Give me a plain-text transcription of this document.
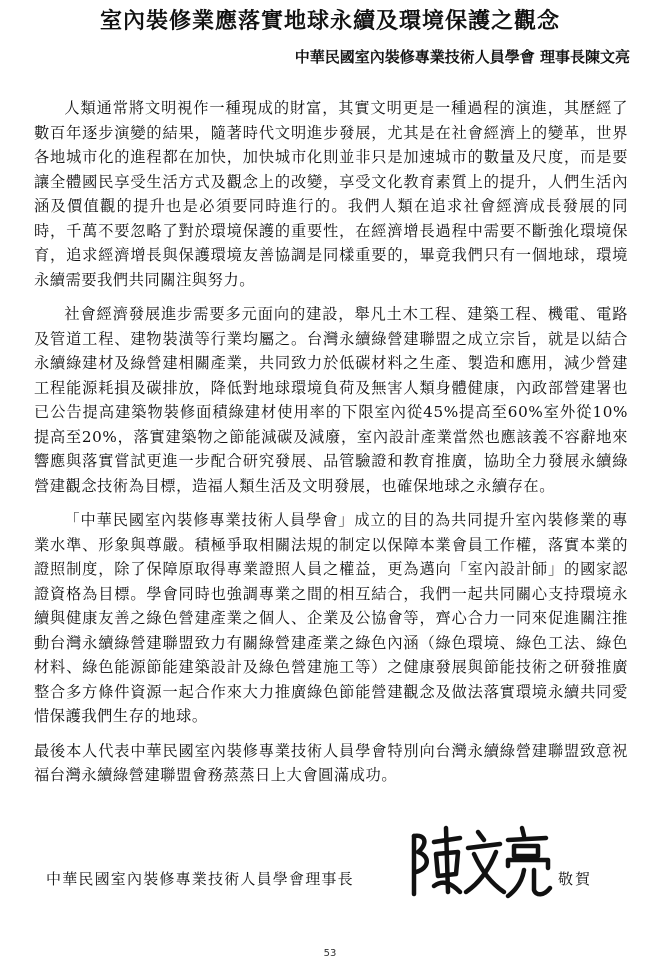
室內裝修業應落實地球永續及環境保護之觀念
中華民國室內裝修專業技術人員學會 理事長陳文亮

人類通常將文明視作一種現成的財富，其實文明更是一種過程的演進，其歷經了數百年逐步演變的結果，隨著時代文明進步發展，尤其是在社會經濟上的變革，世界各地城市化的進程都在加快，加快城市化則並非只是加速城市的數量及尺度，而是要讓全體國民享受生活方式及觀念上的改變，享受文化教育素質上的提升，人們生活內涵及價值觀的提升也是必須要同時進行的。我們人類在追求社會經濟成長發展的同時，千萬不要忽略了對於環境保護的重要性，在經濟增長過程中需要不斷強化環境保育，追求經濟增長與保護環境友善協調是同樣重要的，畢竟我們只有一個地球，環境永續需要我們共同關注與努力。

社會經濟發展進步需要多元面向的建設，舉凡土木工程、建築工程、機電、電路及管道工程、建物裝潢等行業均屬之。台灣永續綠營建聯盟之成立宗旨，就是以結合永續綠建材及綠營建相關產業，共同致力於低碳材料之生產、製造和應用，減少營建工程能源耗損及碳排放，降低對地球環境負荷及無害人類身體健康，內政部營建署也已公告提高建築物裝修面積綠建材使用率的下限室內從45%提高至60%室外從10%提高至20%，落實建築物之節能減碳及減廢，室內設計產業當然也應該義不容辭地來響應與落實嘗試更進一步配合研究發展、品管驗證和教育推廣，協助全力發展永續綠營建觀念技術為目標，造福人類生活及文明發展，也確保地球之永續存在。

「中華民國室內裝修專業技術人員學會」成立的目的為共同提升室內裝修業的專業水準、形象與尊嚴。積極爭取相關法規的制定以保障本業會員工作權，落實本業的證照制度，除了保障原取得專業證照人員之權益，更為邁向「室內設計師」的國家認證資格為目標。學會同時也強調專業之間的相互結合，我們一起共同關心支持環境永續與健康友善之綠色營建產業之個人、企業及公協會等，齊心合力一同來促進關注推動台灣永續綠營建聯盟致力有關綠營建產業之綠色內涵（綠色環境、綠色工法、綠色材料、綠色能源節能建築設計及綠色營建施工等）之健康發展與節能技術之研發推廣整合多方條件資源一起合作來大力推廣綠色節能營建觀念及做法落實環境永續共同愛惜保護我們生存的地球。

最後本人代表中華民國室內裝修專業技術人員學會特別向台灣永續綠營建聯盟致意祝福台灣永續綠營建聯盟會務蒸蒸日上大會圓滿成功。

中華民國室內裝修專業技術人員學會理事長	敬賀
53
